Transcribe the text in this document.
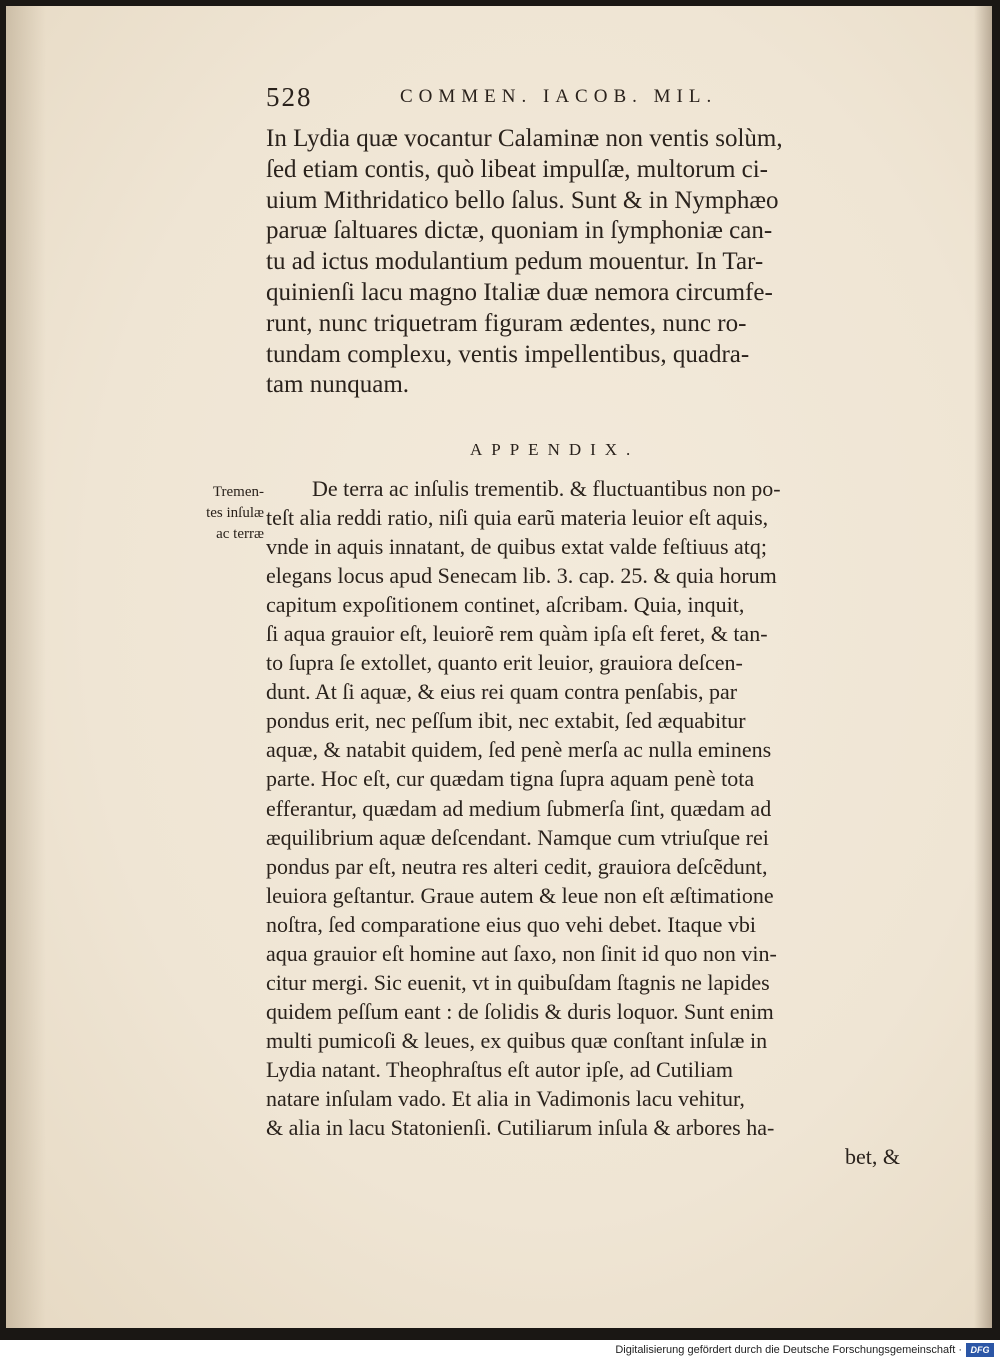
528	COMMEN. IACOB. MIL.
In Lydia quæ vocantur Calaminæ non ventis solùm,
ſed etiam contis, quò libeat impulſæ, multorum ci-
uium Mithridatico bello ſalus. Sunt & in Nymphæo
paruæ ſaltuares dictæ, quoniam in ſymphoniæ can-
tu ad ictus modulantium pedum mouentur. In Tar-
quinienſi lacu magno Italiæ duæ nemora circumfe-
runt, nunc triquetram figuram ædentes, nunc ro-
tundam complexu, ventis impellentibus, quadra-
tam nunquam.
APPENDIX.
Tremen-
tes inſulæ
ac terræ
De terra ac inſulis trementib. & fluctuantibus non po-
teſt alia reddi ratio, niſi quia earũ materia leuior eſt aquis,
vnde in aquis innatant, de quibus extat valde feſtiuus atq;
elegans locus apud Senecam lib. 3. cap. 25. & quia horum
capitum expoſitionem continet, aſcribam. Quia, inquit,
ſi aqua grauior eſt, leuiorẽ rem quàm ipſa eſt feret, & tan-
to ſupra ſe extollet, quanto erit leuior, grauiora deſcen-
dunt. At ſi aquæ, & eius rei quam contra penſabis, par
pondus erit, nec peſſum ibit, nec extabit, ſed æquabitur
aquæ, & natabit quidem, ſed penè merſa ac nulla eminens
parte. Hoc eſt, cur quædam tigna ſupra aquam penè tota
efferantur, quædam ad medium ſubmerſa ſint, quædam ad
æquilibrium aquæ deſcendant. Namque cum vtriuſque rei
pondus par eſt, neutra res alteri cedit, grauiora deſcẽdunt,
leuiora geſtantur. Graue autem & leue non eſt æſtimatione
noſtra, ſed comparatione eius quo vehi debet. Itaque vbi
aqua grauior eſt homine aut ſaxo, non ſinit id quo non vin-
citur mergi. Sic euenit, vt in quibuſdam ſtagnis ne lapides
quidem peſſum eant : de ſolidis & duris loquor. Sunt enim
multi pumicoſi & leues, ex quibus quæ conſtant inſulæ in
Lydia natant. Theophraſtus eſt autor ipſe, ad Cutiliam
natare inſulam vado. Et alia in Vadimonis lacu vehitur,
& alia in lacu Statonienſi. Cutiliarum inſula & arbores ha-
bet, &
Digitalisierung gefördert durch die Deutsche Forschungsgemeinschaft · DFG
